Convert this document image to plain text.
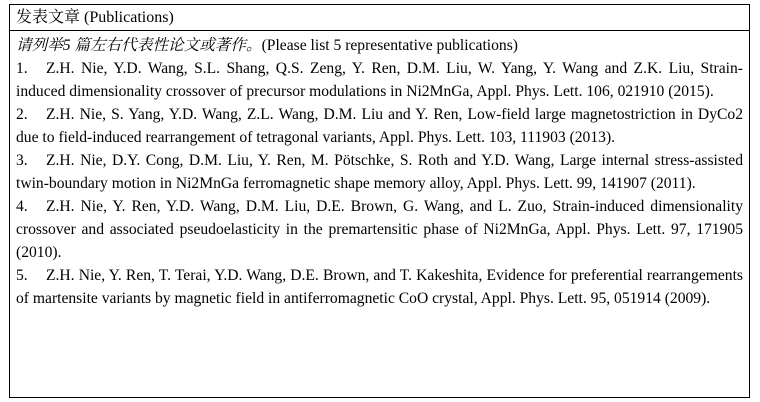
发表文章 (Publications)
请列举5 篇左右代表性论文或著作。(Please list 5 representative publications)

1. Z.H. Nie, Y.D. Wang, S.L. Shang, Q.S. Zeng, Y. Ren, D.M. Liu, W. Yang, Y. Wang and Z.K. Liu, Strain-induced dimensionality crossover of precursor modulations in Ni2MnGa, Appl. Phys. Lett. 106, 021910 (2015).

2. Z.H. Nie, S. Yang, Y.D. Wang, Z.L. Wang, D.M. Liu and Y. Ren, Low-field large magnetostriction in DyCo2 due to field-induced rearrangement of tetragonal variants, Appl. Phys. Lett. 103, 111903 (2013).

3. Z.H. Nie, D.Y. Cong, D.M. Liu, Y. Ren, M. Pötschke, S. Roth and Y.D. Wang, Large internal stress-assisted twin-boundary motion in Ni2MnGa ferromagnetic shape memory alloy, Appl. Phys. Lett. 99, 141907 (2011).

4. Z.H. Nie, Y. Ren, Y.D. Wang, D.M. Liu, D.E. Brown, G. Wang, and L. Zuo, Strain-induced dimensionality crossover and associated pseudoelasticity in the premartensitic phase of Ni2MnGa, Appl. Phys. Lett. 97, 171905 (2010).

5. Z.H. Nie, Y. Ren, T. Terai, Y.D. Wang, D.E. Brown, and T. Kakeshita, Evidence for preferential rearrangements of martensite variants by magnetic field in antiferromagnetic CoO crystal, Appl. Phys. Lett. 95, 051914 (2009).
